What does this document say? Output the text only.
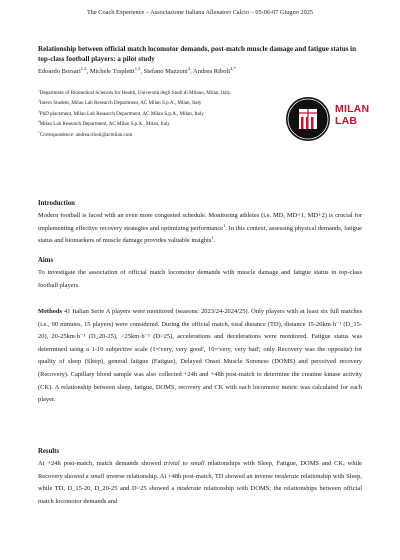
The Coach Experience – Associazione Italiana Allenatori Calcio – 05-06-07 Giugno 2025
Relationship between official match locomotor demands, post-match muscle damage and fatigue status in top-class football players: a pilot study
Edoardo Borsari$^{1,2}$, Michele Trapletti$^{1,3}$, Stefano Mazzoni$^4$, Andrea Riboli$^{4,*}$

$^1$Department of Biomedical Sciences for Health, Università degli Studi di Milano, Milan, Italy.

$^2$Intern Student, Milan Lab Research Department, AC Milan S.p.A., Milan, Italy

$^3$PhD placement, Milan Lab Research Department, AC Milan S.p.A., Milan, Italy

$^4$Milan Lab Research Department, AC Milan S.p.A., Milan, Italy

*Correspondence: andrea.riboli@acmilan.com

MILAN
LAB
Introduction

Modern football is faced with an even more congested schedule. Monitoring athletes (i.e. MD, MD+1, MD+2) is crucial for implementing effective recovery strategies and optimizing performance$^1$. In this context, assessing physical demands, fatigue status and biomarkers of muscle damage provides valuable insights$^1$.

Aims

To investigate the association of official match locomotor demands with muscle damage and fatigue status in top-class football players.

Methods 41 Italian Serie A players were monitored (seasons: 2023/24-2024/25). Only players with at least six full matches (i.e., 90 minutes, 15 players) were considered. During the official match, total distance (TD), distance 15-20km·h⁻¹ (D_15-20), 20-25km·h⁻¹ (D_20-25), >25km·h⁻¹ (D>25), accelerations and decelerations were monitored. Fatigue status was determined using a 1-10 subjective scale (1='very, very good', 10='very, very bad'; only Recovery was the opposite) for quality of sleep (Sleep), general fatigue (Fatigue), Delayed Onset Muscle Soreness (DOMS) and perceived recovery (Recovery). Capillary blood sample was also collected +24h and +48h post-match to determine the creatine kinase activity (CK). A relationship between sleep, fatigue, DOMS, recovery and CK with each locomotor metric was calculated for each player.

Results

At +24h post-match, match demands showed trivial to small relationships with Sleep, Fatigue, DOMS and CK, while Recovery showed a small inverse relationship. At +48h post-match, TD showed an inverse moderate relationship with Sleep, while TD, D_15-20, D_20-25 and D>25 showed a moderate relationship with DOMS; the relationships between official match locomotor demands and
